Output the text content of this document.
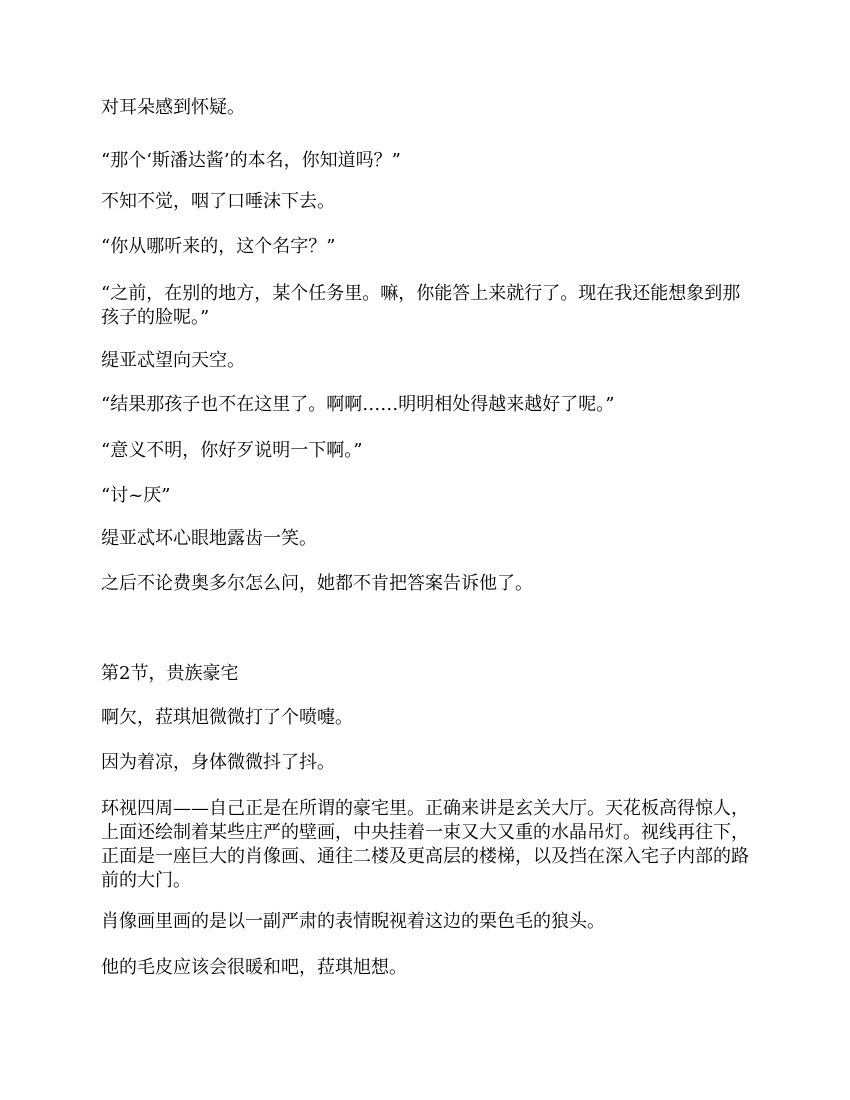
对耳朵感到怀疑。

“那个‘斯潘达酱’的本名，你知道吗？”

不知不觉，咽了口唾沫下去。

“你从哪听来的，这个名字？”

“之前，在别的地方，某个任务里。嘛，你能答上来就行了。现在我还能想象到那孩子的脸呢。”

缇亚忒望向天空。

“结果那孩子也不在这里了。啊啊……明明相处得越来越好了呢。”

“意义不明，你好歹说明一下啊。”

“讨~厌”

缇亚忒坏心眼地露齿一笑。

之后不论费奥多尔怎么问，她都不肯把答案告诉他了。

第2节，贵族豪宅

啊欠，菈琪旭微微打了个喷嚏。

因为着凉，身体微微抖了抖。

环视四周——自己正是在所谓的豪宅里。正确来讲是玄关大厅。天花板高得惊人，上面还绘制着某些庄严的壁画，中央挂着一束又大又重的水晶吊灯。视线再往下，正面是一座巨大的肖像画、通往二楼及更高层的楼梯，以及挡在深入宅子内部的路前的大门。

肖像画里画的是以一副严肃的表情睨视着这边的栗色毛的狼头。

他的毛皮应该会很暖和吧，菈琪旭想。
